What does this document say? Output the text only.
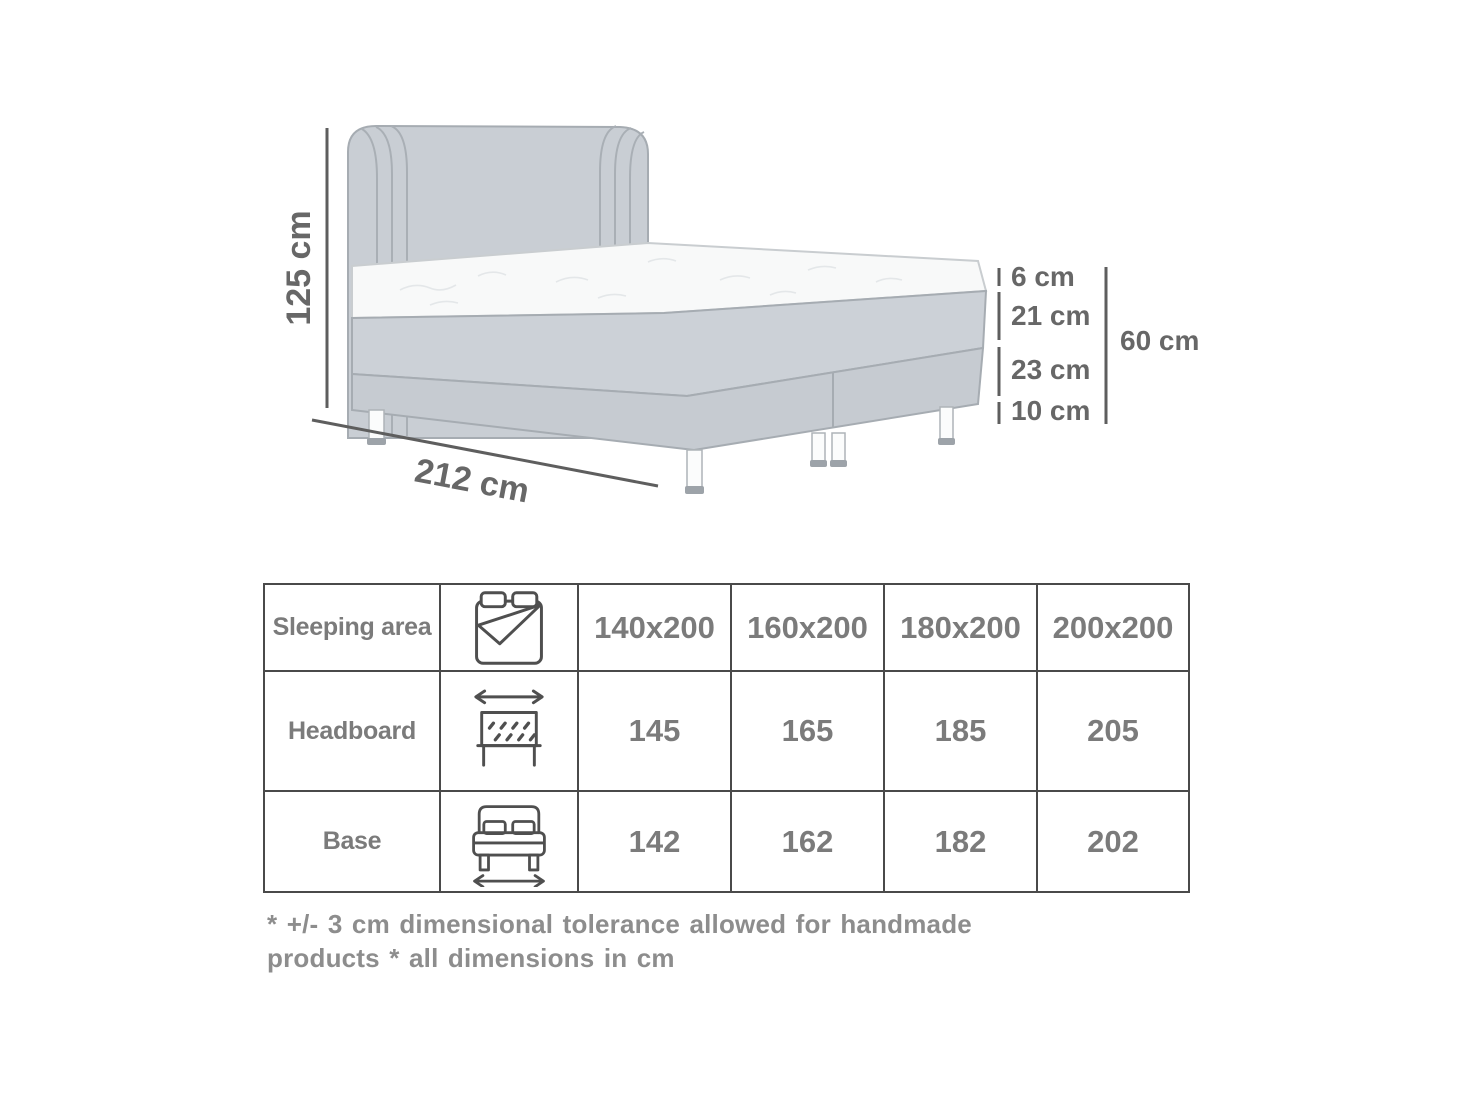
125 cm
212 cm
6 cm
21 cm
23 cm
10 cm
60 cm
Sleeping area		140x200	160x200	180x200	200x200
Headboard		145	165	185	205
Base		142	162	182	202
* +/- 3 cm dimensional tolerance allowed for handmade
products * all dimensions in cm
